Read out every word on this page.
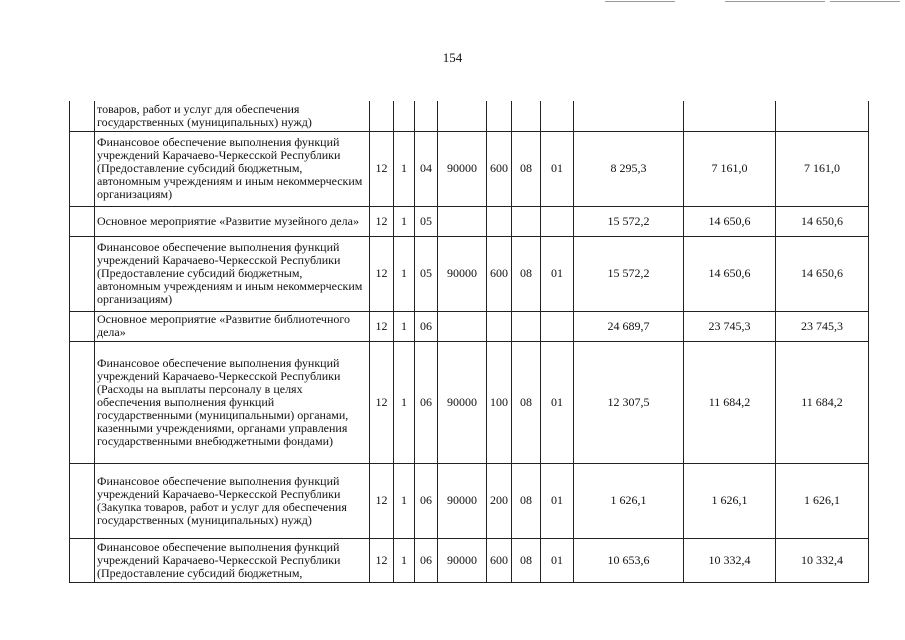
154
	товаров, работ и услуг для обеспечения государственных (муниципальных) нужд)										
	Финансовое обеспечение выполнения функций учреждений Карачаево-Черкесской Республики (Предоставление субсидий бюджетным, автономным учреждениям и иным некоммерческим организациям)	12	1	04	90000	600	08	01	8 295,3	7 161,0	7 161,0
	Основное мероприятие «Развитие музейного дела»	12	1	05					15 572,2	14 650,6	14 650,6
	Финансовое обеспечение выполнения функций учреждений Карачаево-Черкесской Республики (Предоставление субсидий бюджетным, автономным учреждениям и иным некоммерческим организациям)	12	1	05	90000	600	08	01	15 572,2	14 650,6	14 650,6
	Основное мероприятие «Развитие библиотечного дела»	12	1	06					24 689,7	23 745,3	23 745,3
	Финансовое обеспечение выполнения функций учреждений Карачаево-Черкесской Республики (Расходы на выплаты персоналу в целях обеспечения выполнения функций государственными (муниципальными) органами, казенными учреждениями, органами управления государственными внебюджетными фондами)	12	1	06	90000	100	08	01	12 307,5	11 684,2	11 684,2
	Финансовое обеспечение выполнения функций учреждений Карачаево-Черкесской Республики (Закупка товаров, работ и услуг для обеспечения государственных (муниципальных) нужд)	12	1	06	90000	200	08	01	1 626,1	1 626,1	1 626,1
	Финансовое обеспечение выполнения функций учреждений Карачаево-Черкесской Республики (Предоставление субсидий бюджетным,	12	1	06	90000	600	08	01	10 653,6	10 332,4	10 332,4
